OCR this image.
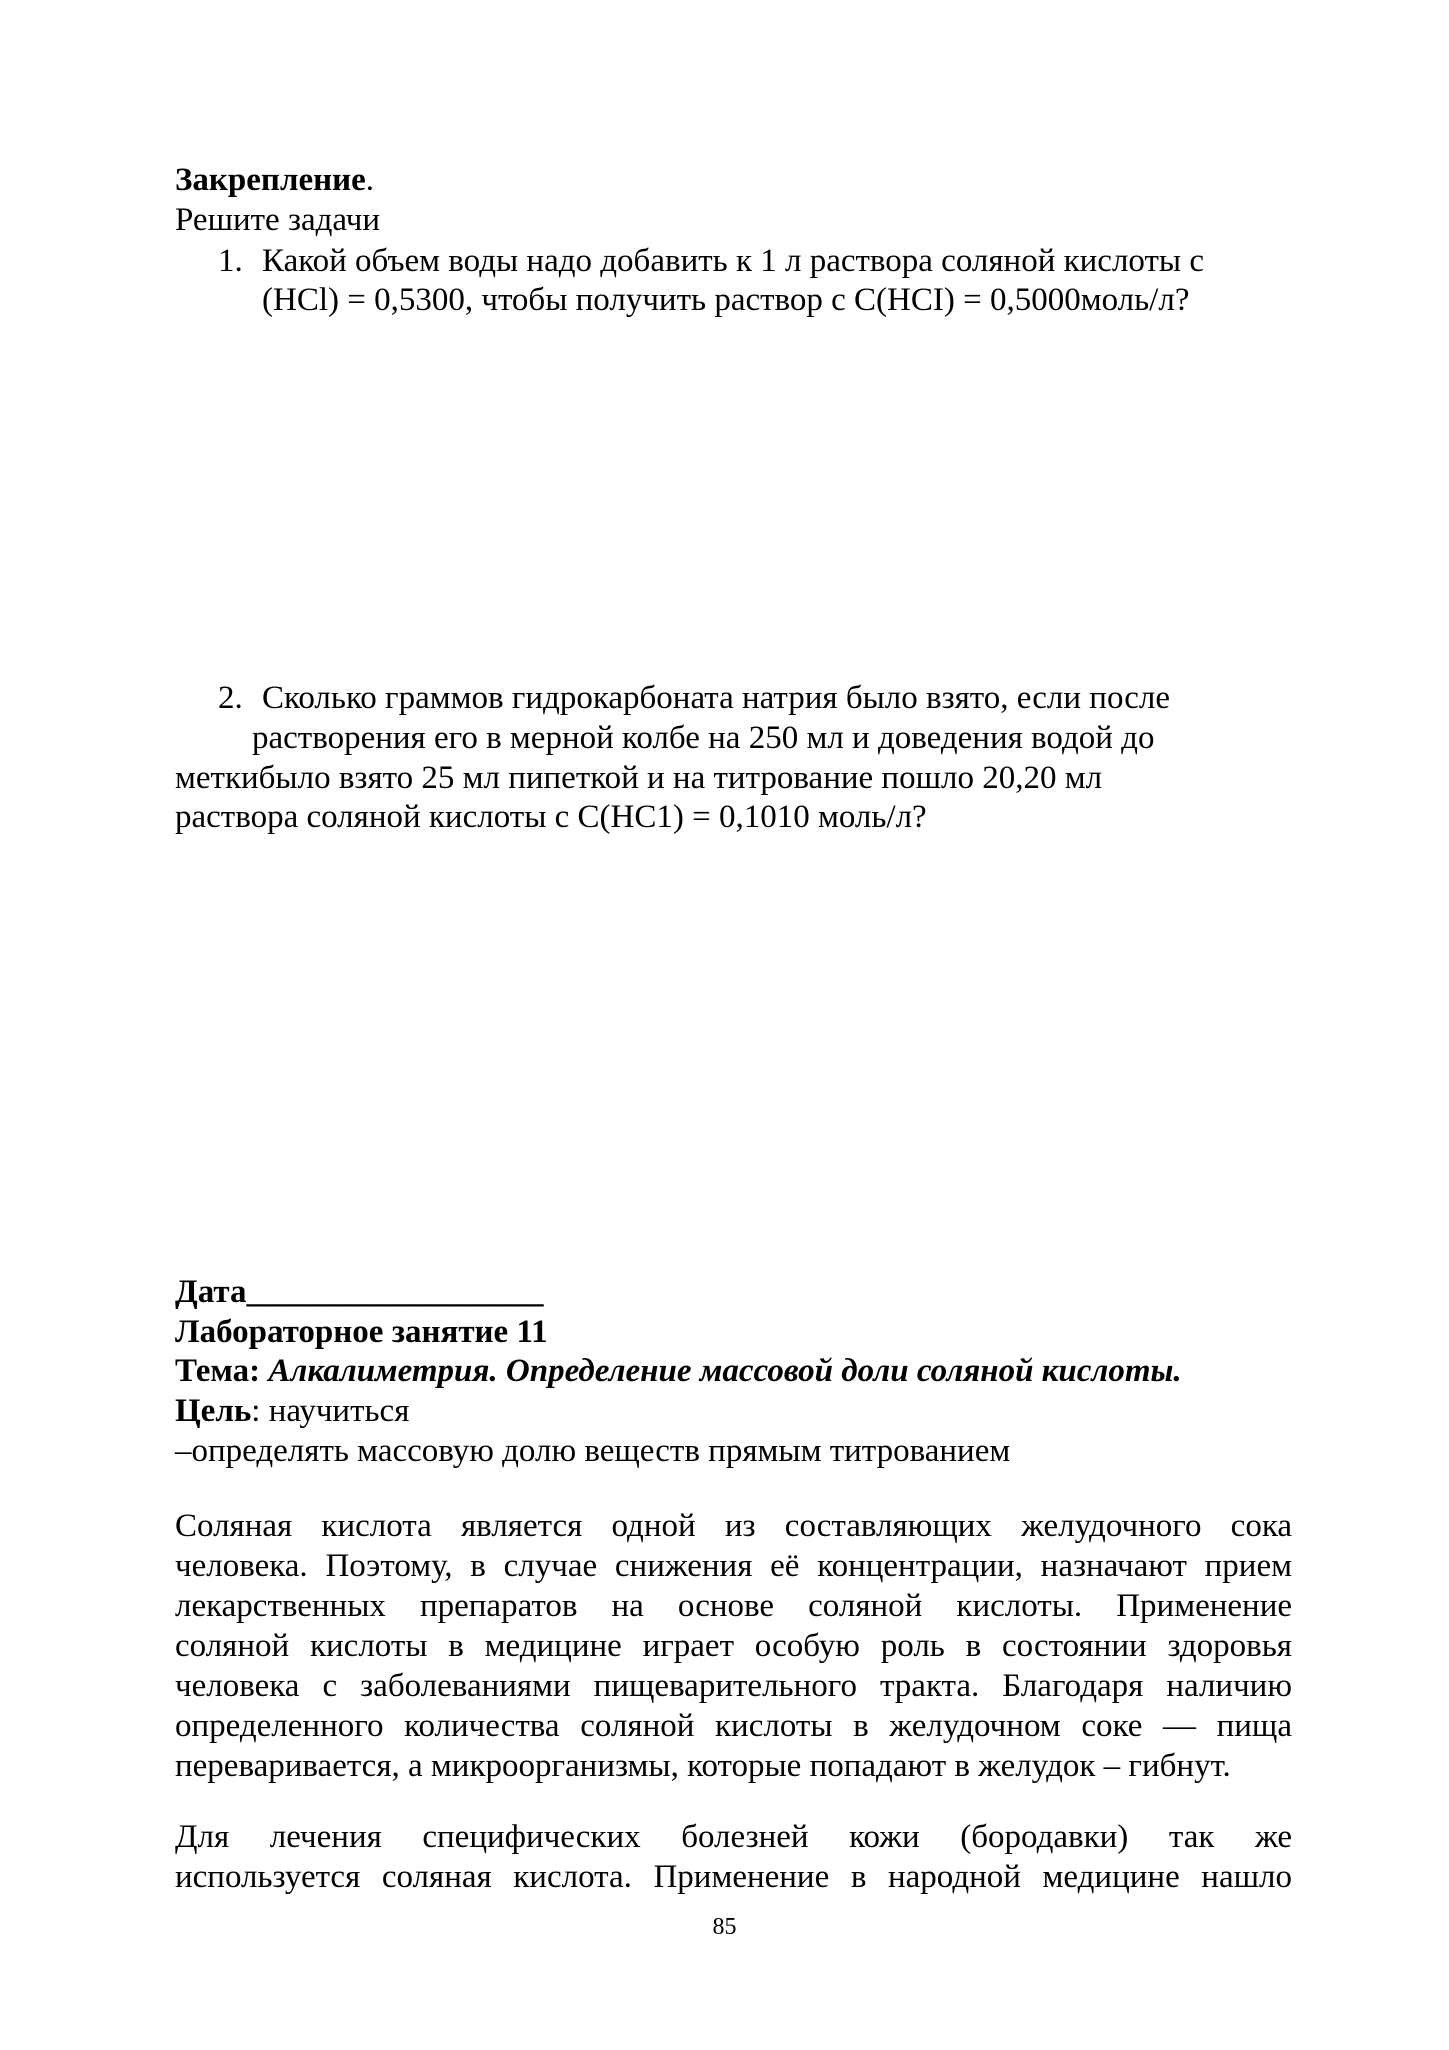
Закрепление.
Решите задачи
1. Какой объем воды надо добавить к 1 л раствора соляной кислоты с
(HCl) = 0,5300, чтобы получить раствор с C(HCI) = 0,5000моль/л?
2. Сколько граммов гидрокарбоната натрия было взято, если после
растворения его в мерной колбе на 250 мл и доведения водой до
меткибыло взято 25 мл пипеткой и на титрование пошло 20,20 мл
раствора соляной кислоты с C(HC1) = 0,1010 моль/л?
Дата__________________
Лабораторное занятие 11
Тема: Алкалиметрия. Определение массовой доли соляной кислоты.
Цель: научиться
–определять массовую долю веществ прямым титрованием
Соляная кислота является одной из составляющих желудочного сока
человека. Поэтому, в случае снижения её концентрации, назначают прием
лекарственных препаратов на основе соляной кислоты. Применение
соляной кислоты в медицине играет особую роль в состоянии здоровья
человека с заболеваниями пищеварительного тракта. Благодаря наличию
определенного количества соляной кислоты в желудочном соке — пища
переваривается, а микроорганизмы, которые попадают в желудок – гибнут.
Для лечения специфических болезней кожи (бородавки) так же
используется соляная кислота. Применение в народной медицине нашло
85
